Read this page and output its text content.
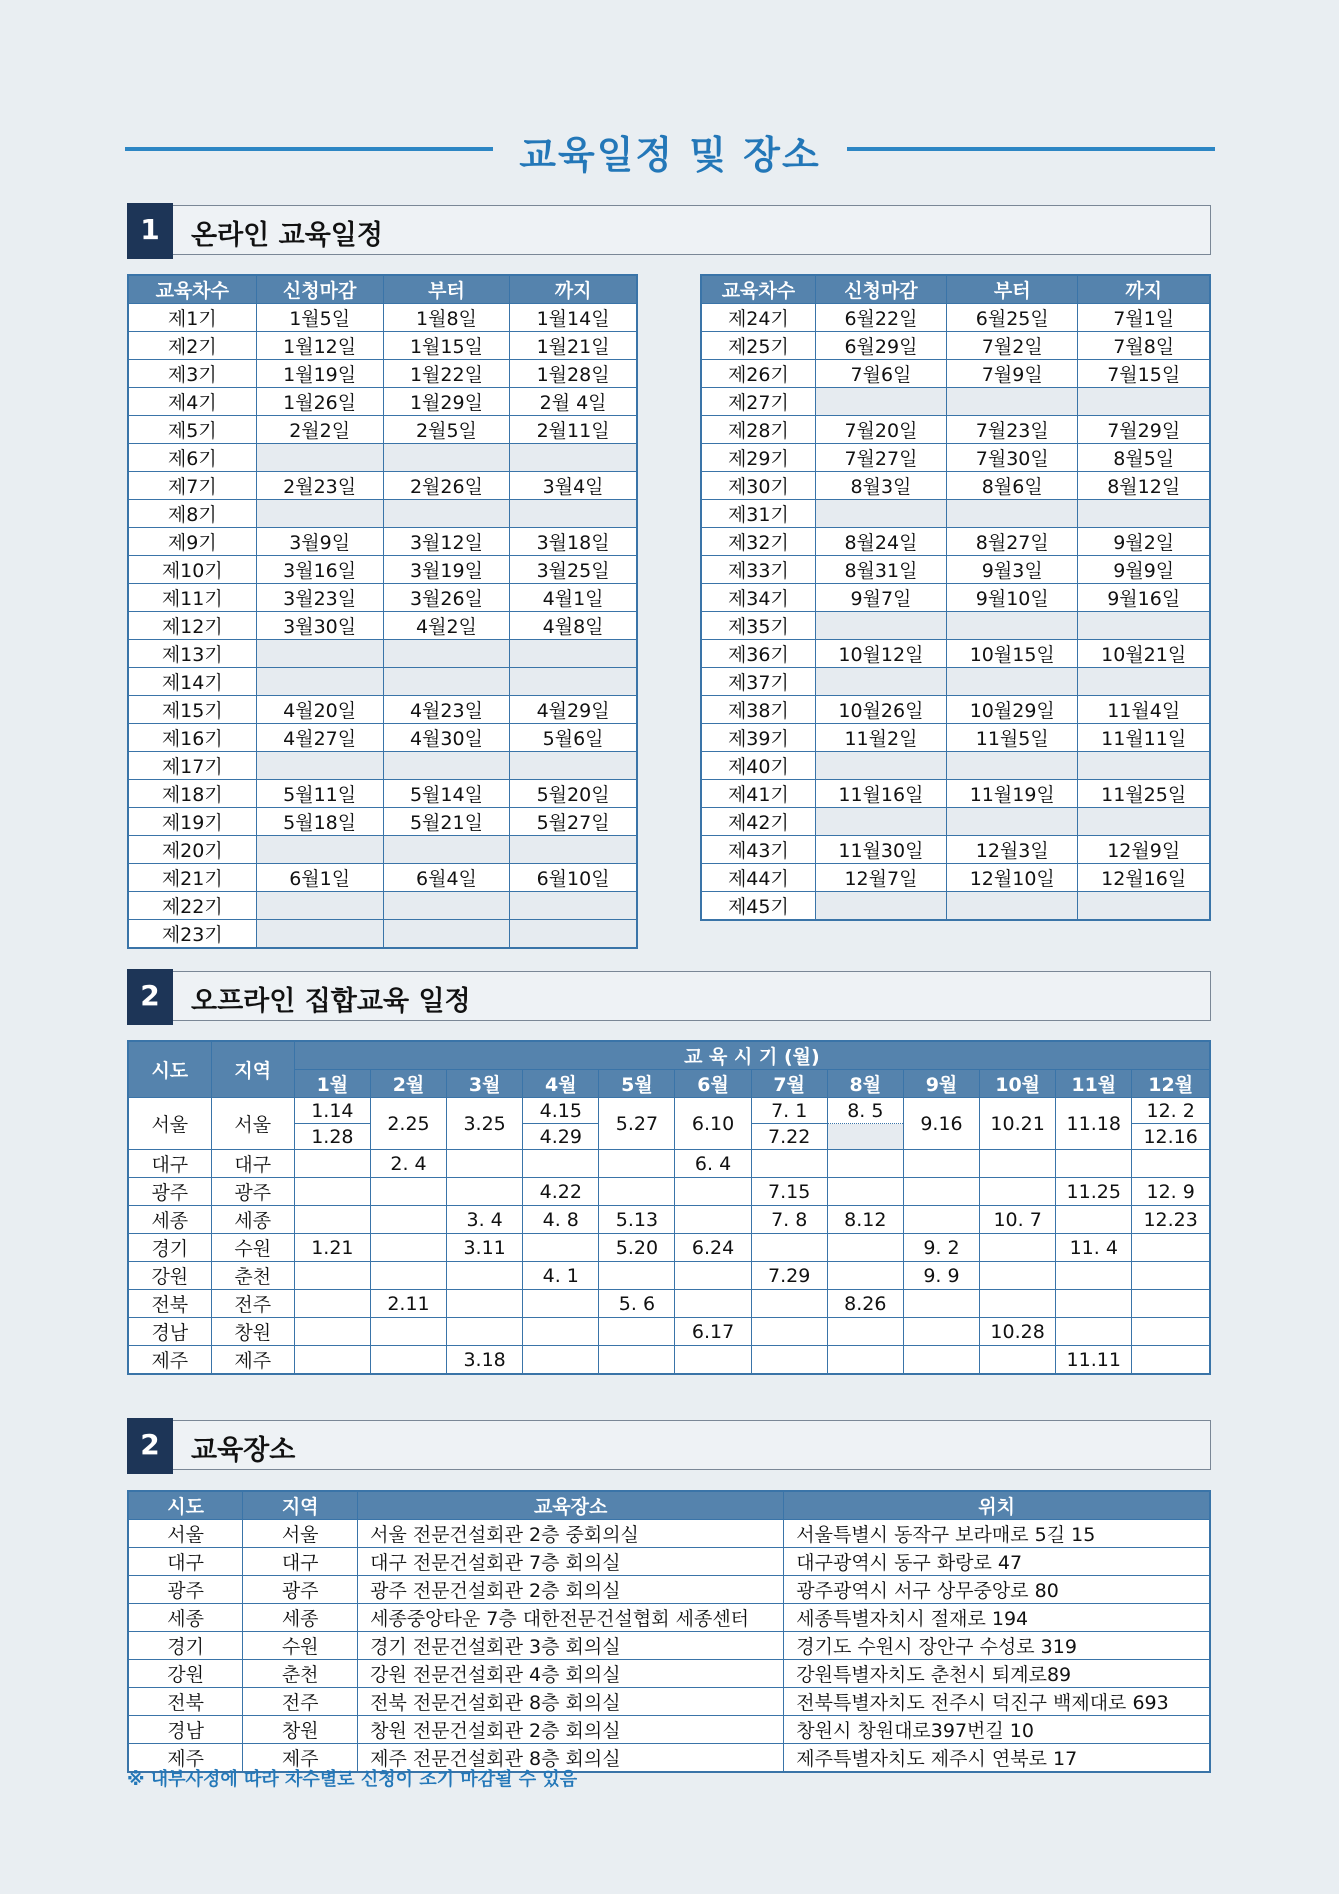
교육일정 및 장소
1	온라인 교육일정
교육차수	신청마감	부터	까지
제1기	1월5일	1월8일	1월14일
제2기	1월12일	1월15일	1월21일
제3기	1월19일	1월22일	1월28일
제4기	1월26일	1월29일	2월 4일
제5기	2월2일	2월5일	2월11일
제6기			
제7기	2월23일	2월26일	3월4일
제8기			
제9기	3월9일	3월12일	3월18일
제10기	3월16일	3월19일	3월25일
제11기	3월23일	3월26일	4월1일
제12기	3월30일	4월2일	4월8일
제13기			
제14기			
제15기	4월20일	4월23일	4월29일
제16기	4월27일	4월30일	5월6일
제17기			
제18기	5월11일	5월14일	5월20일
제19기	5월18일	5월21일	5월27일
제20기			
제21기	6월1일	6월4일	6월10일
제22기			
제23기			
교육차수	신청마감	부터	까지
제24기	6월22일	6월25일	7월1일
제25기	6월29일	7월2일	7월8일
제26기	7월6일	7월9일	7월15일
제27기			
제28기	7월20일	7월23일	7월29일
제29기	7월27일	7월30일	8월5일
제30기	8월3일	8월6일	8월12일
제31기			
제32기	8월24일	8월27일	9월2일
제33기	8월31일	9월3일	9월9일
제34기	9월7일	9월10일	9월16일
제35기			
제36기	10월12일	10월15일	10월21일
제37기			
제38기	10월26일	10월29일	11월4일
제39기	11월2일	11월5일	11월11일
제40기			
제41기	11월16일	11월19일	11월25일
제42기			
제43기	11월30일	12월3일	12월9일
제44기	12월7일	12월10일	12월16일
제45기			
2	오프라인 집합교육 일정
시도	지역	교 육 시 기 (월)											
		1월	2월	3월	4월	5월	6월	7월	8월	9월	10월	11월	12월
서울	서울	1.14	2.25	3.25	4.15	5.27	6.10	7. 1	8. 5	9.16	10.21	11.18	12. 2
		1.28			4.29			7.22					12.16
대구	대구		2. 4				6. 4						
광주	광주				4.22			7.15				11.25	12. 9
세종	세종			3. 4	4. 8	5.13		7. 8	8.12		10. 7		12.23
경기	수원	1.21		3.11		5.20	6.24			9. 2		11. 4	
강원	춘천				4. 1			7.29		9. 9			
전북	전주		2.11			5. 6			8.26				
경남	창원						6.17				10.28		
제주	제주			3.18								11.11	
2	교육장소
시도	지역	교육장소	위치
서울	서울	서울 전문건설회관 2층 중회의실	서울특별시 동작구 보라매로 5길 15
대구	대구	대구 전문건설회관 7층 회의실	대구광역시 동구 화랑로 47
광주	광주	광주 전문건설회관 2층 회의실	광주광역시 서구 상무중앙로 80
세종	세종	세종중앙타운 7층 대한전문건설협회 세종센터	세종특별자치시 절재로 194
경기	수원	경기 전문건설회관 3층 회의실	경기도 수원시 장안구 수성로 319
강원	춘천	강원 전문건설회관 4층 회의실	강원특별자치도 춘천시 퇴계로89
전북	전주	전북 전문건설회관 8층 회의실	전북특별자치도 전주시 덕진구 백제대로 693
경남	창원	창원 전문건설회관 2층 회의실	창원시 창원대로397번길 10
제주	제주	제주 전문건설회관 8층 회의실	제주특별자치도 제주시 연북로 17
※ 내부사정에 따라 차수별로 신청이 조기 마감될 수 있음
